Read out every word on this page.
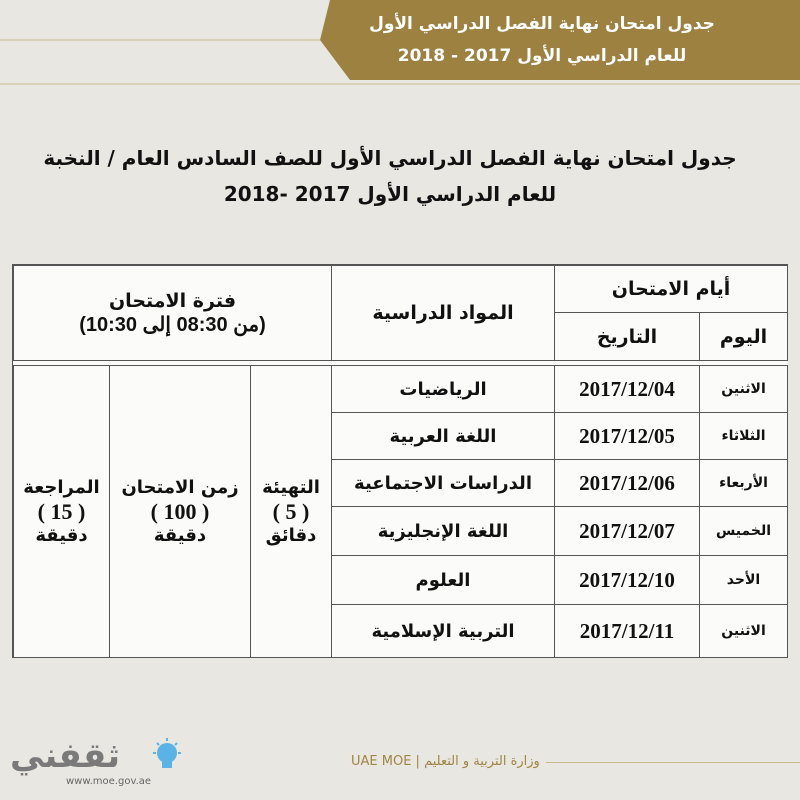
جدول امتحان نهاية الفصل الدراسي الأول
للعام الدراسي الأول 2017 - 2018
جدول امتحان نهاية الفصل الدراسي الأول للصف السادس العام / النخبة
للعام الدراسي الأول 2017 -2018
أيام الامتحان
المواد الدراسية
فترة الامتحان
(من 08:30 إلى 10:30)
اليوم
التاريخ
الاثنين
2017/12/04
الرياضيات
الثلاثاء
2017/12/05
اللغة العربية
الأربعاء
2017/12/06
الدراسات الاجتماعية
الخميس
2017/12/07
اللغة الإنجليزية
الأحد
2017/12/10
العلوم
الاثنين
2017/12/11
التربية الإسلامية
التهيئة
( 5 )
دقائق
زمن الامتحان
( 100 )
دقيقة
المراجعة
( 15 )
دقيقة
وزارة التربية و التعليم | UAE MOE
ثقفني
www.moe.gov.ae
